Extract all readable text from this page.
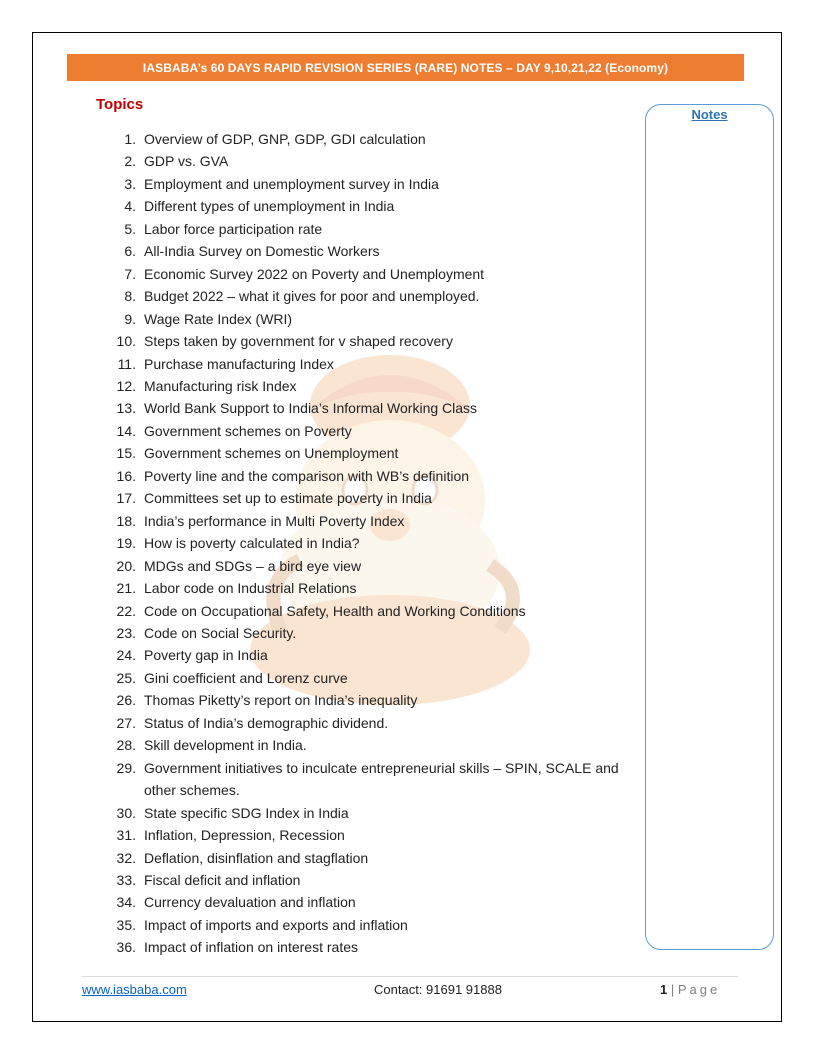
IASBABA’s 60 DAYS RAPID REVISION SERIES (RARE) NOTES – DAY 9,10,21,22 (Economy)
Topics
Notes
1. Overview of GDP, GNP, GDP, GDI calculation
2. GDP vs. GVA
3. Employment and unemployment survey in India
4. Different types of unemployment in India
5. Labor force participation rate
6. All-India Survey on Domestic Workers
7. Economic Survey 2022 on Poverty and Unemployment
8. Budget 2022 – what it gives for poor and unemployed.
9. Wage Rate Index (WRI)
10. Steps taken by government for v shaped recovery
11. Purchase manufacturing Index
12. Manufacturing risk Index
13. World Bank Support to India’s Informal Working Class
14. Government schemes on Poverty
15. Government schemes on Unemployment
16. Poverty line and the comparison with WB’s definition
17. Committees set up to estimate poverty in India
18. India’s performance in Multi Poverty Index
19. How is poverty calculated in India?
20. MDGs and SDGs – a bird eye view
21. Labor code on Industrial Relations
22. Code on Occupational Safety, Health and Working Conditions
23. Code on Social Security.
24. Poverty gap in India
25. Gini coefficient and Lorenz curve
26. Thomas Piketty’s report on India’s inequality
27. Status of India’s demographic dividend.
28. Skill development in India.
29. Government initiatives to inculcate entrepreneurial skills – SPIN, SCALE and other schemes.
30. State specific SDG Index in India
31. Inflation, Depression, Recession
32. Deflation, disinflation and stagflation
33. Fiscal deficit and inflation
34. Currency devaluation and inflation
35. Impact of imports and exports and inflation
36. Impact of inflation on interest rates
www.iasbaba.com	Contact: 91691 91888	1 | Page
